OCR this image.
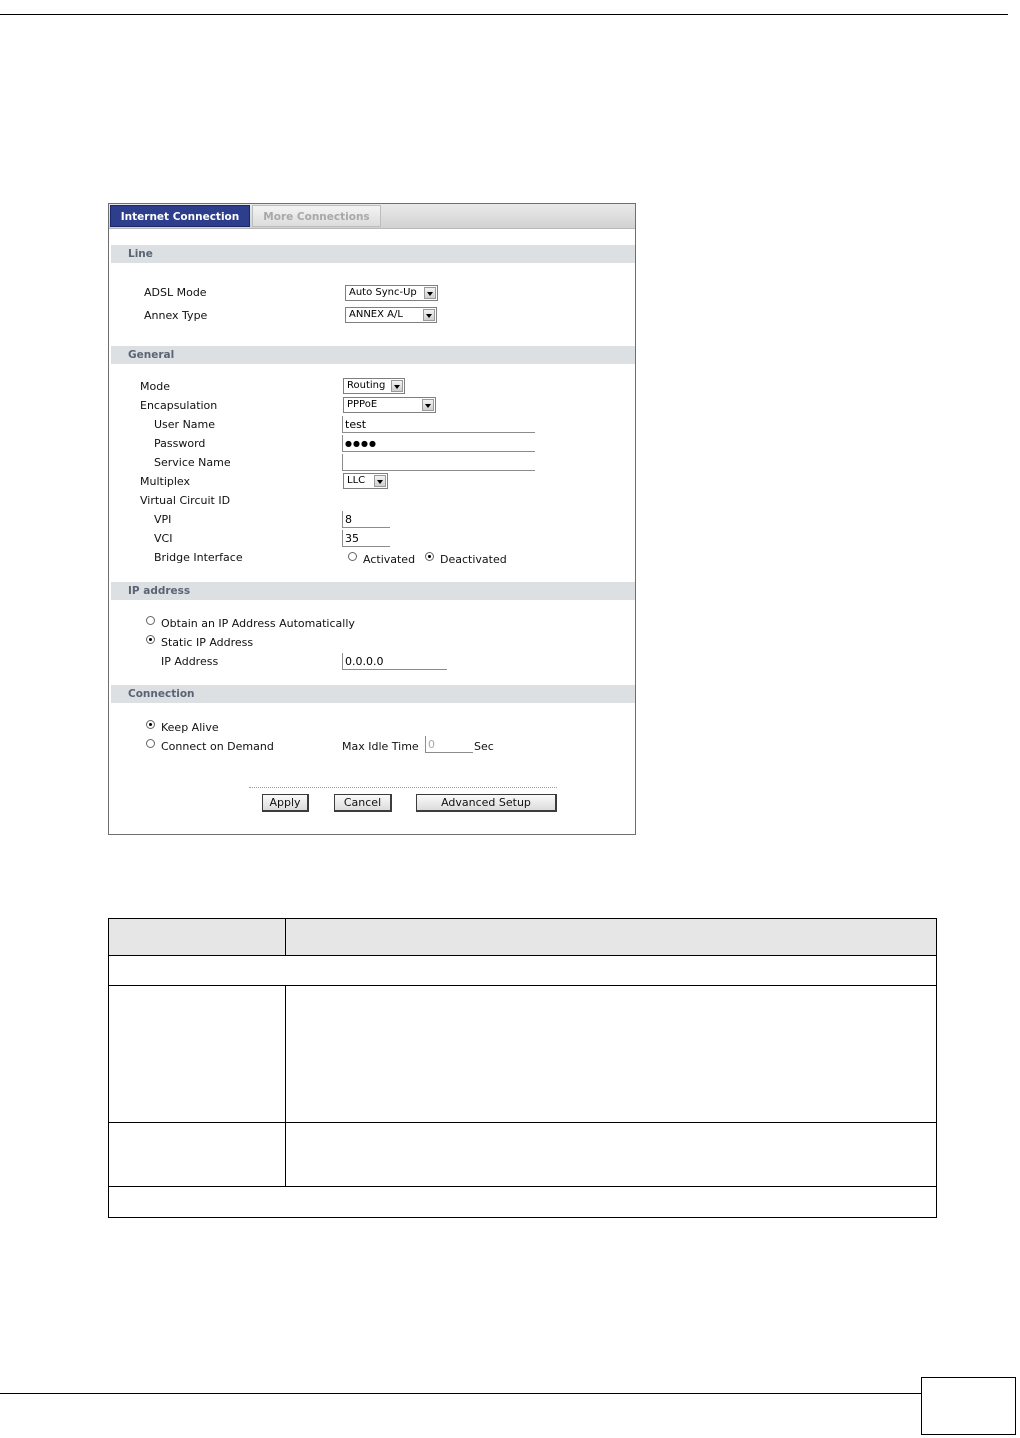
Internet Connection	More Connections
Line
ADSL Mode	Auto Sync-Up
Annex Type	ANNEX A/L
General
Mode	Routing
Encapsulation	PPPoE
User Name	test
Password	●●●●
Service Name
Multiplex	LLC
Virtual Circuit ID
VPI	8
VCI	35
Bridge Interface	Activated Deactivated
IP address
Obtain an IP Address Automatically
Static IP Address
IP Address	0.0.0.0
Connection
Keep Alive
Connect on Demand	Max Idle Time 0	Sec
Apply	Cancel	Advanced Setup
